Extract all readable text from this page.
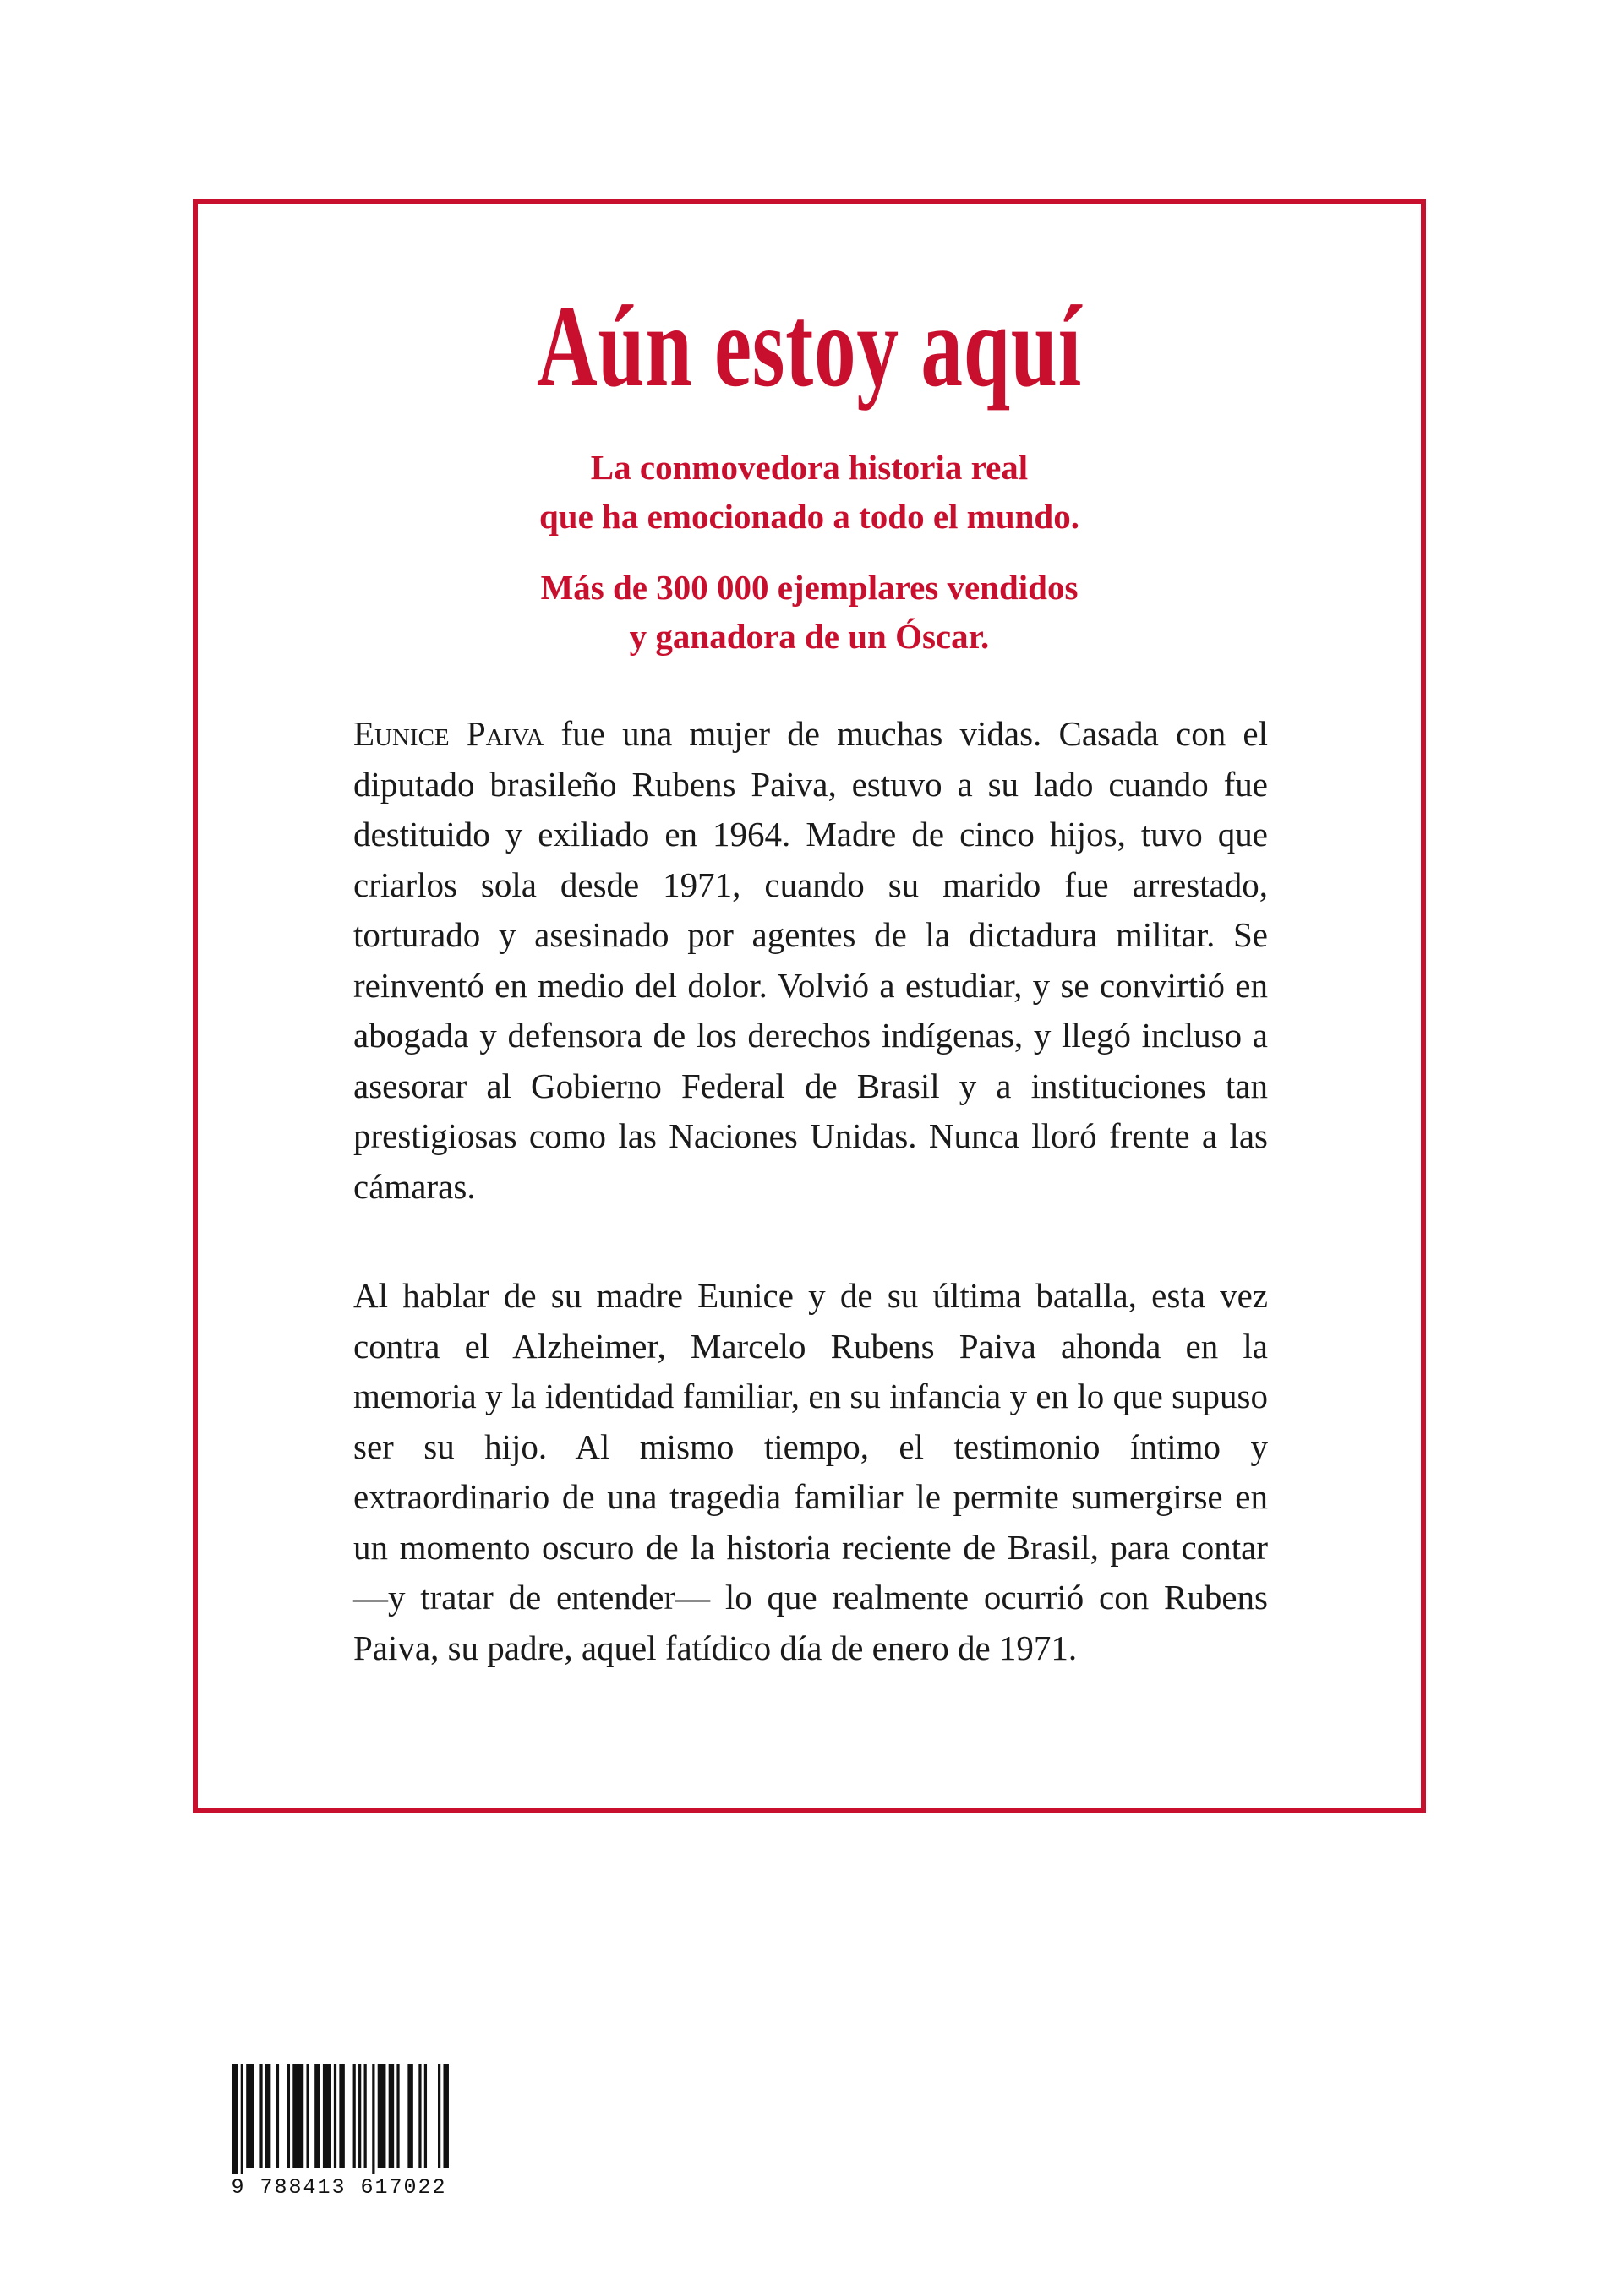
Aún estoy aquí

La conmovedora historia real

que ha emocionado a todo el mundo.

Más de 300 000 ejemplares vendidos

y ganadora de un Óscar.

Eunice Paiva fue una mujer de muchas vidas. Casada con el diputado brasileño Rubens Paiva, estuvo a su lado cuando fue destituido y exiliado en 1964. Madre de cinco hijos, tuvo que criarlos sola desde 1971, cuando su marido fue arrestado, torturado y asesinado por agentes de la dictadura militar. Se reinventó en medio del dolor. Volvió a estudiar, y se convirtió en abogada y defensora de los derechos indígenas, y llegó incluso a asesorar al Gobierno Federal de Brasil y a instituciones tan prestigiosas como las Naciones Unidas. Nunca lloró frente a las cámaras.

Al hablar de su madre Eunice y de su última batalla, esta vez contra el Alzheimer, Marcelo Rubens Paiva ahonda en la memoria y la identidad familiar, en su infancia y en lo que supuso ser su hijo. Al mismo tiempo, el testimonio íntimo y extraordinario de una tragedia familiar le permite sumergirse en un momento oscuro de la historia reciente de Brasil, para contar —y tratar de entender— lo que realmente ocurrió con Rubens Paiva, su padre, aquel fatídico día de enero de 1971.

9 788413 617022
